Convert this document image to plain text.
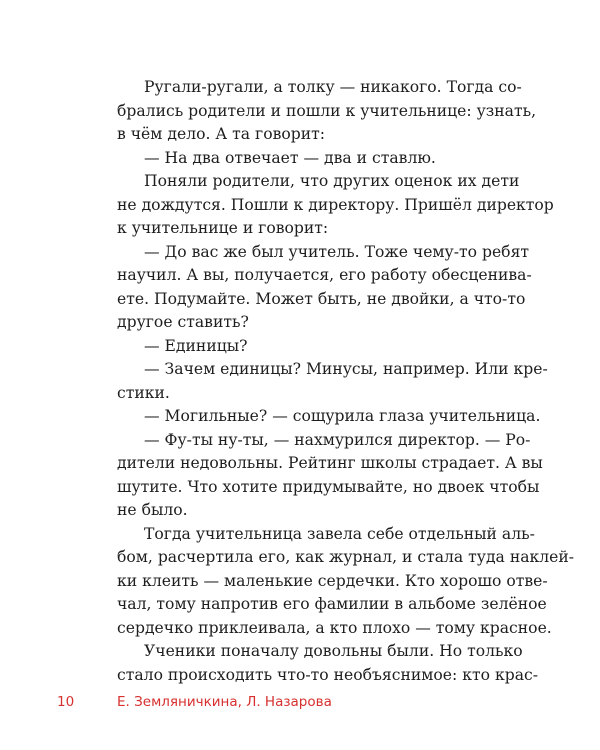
Ругали-ругали, а толку — никакого. Тогда со-
брались родители и пошли к учительнице: узнать,
в чём дело. А та говорит:
— На два отвечает — два и ставлю.
Поняли родители, что других оценок их дети
не дождутся. Пошли к директору. Пришёл директор
к учительнице и говорит:
— До вас же был учитель. Тоже чему-то ребят
научил. А вы, получается, его работу обесценива-
ете. Подумайте. Может быть, не двойки, а что-то
другое ставить?
— Единицы?
— Зачем единицы? Минусы, например. Или кре-
стики.
— Могильные? — сощурила глаза учительница.
— Фу-ты ну-ты, — нахмурился директор. — Ро-
дители недовольны. Рейтинг школы страдает. А вы
шутите. Что хотите придумывайте, но двоек чтобы
не было.
Тогда учительница завела себе отдельный аль-
бом, расчертила его, как журнал, и стала туда наклей-
ки клеить — маленькие сердечки. Кто хорошо отве-
чал, тому напротив его фамилии в альбоме зелёное
сердечко приклеивала, а кто плохо — тому красное.
Ученики поначалу довольны были. Но только
стало происходить что-то необъяснимое: кто крас-
10	Е. Земляничкина, Л. Назарова
